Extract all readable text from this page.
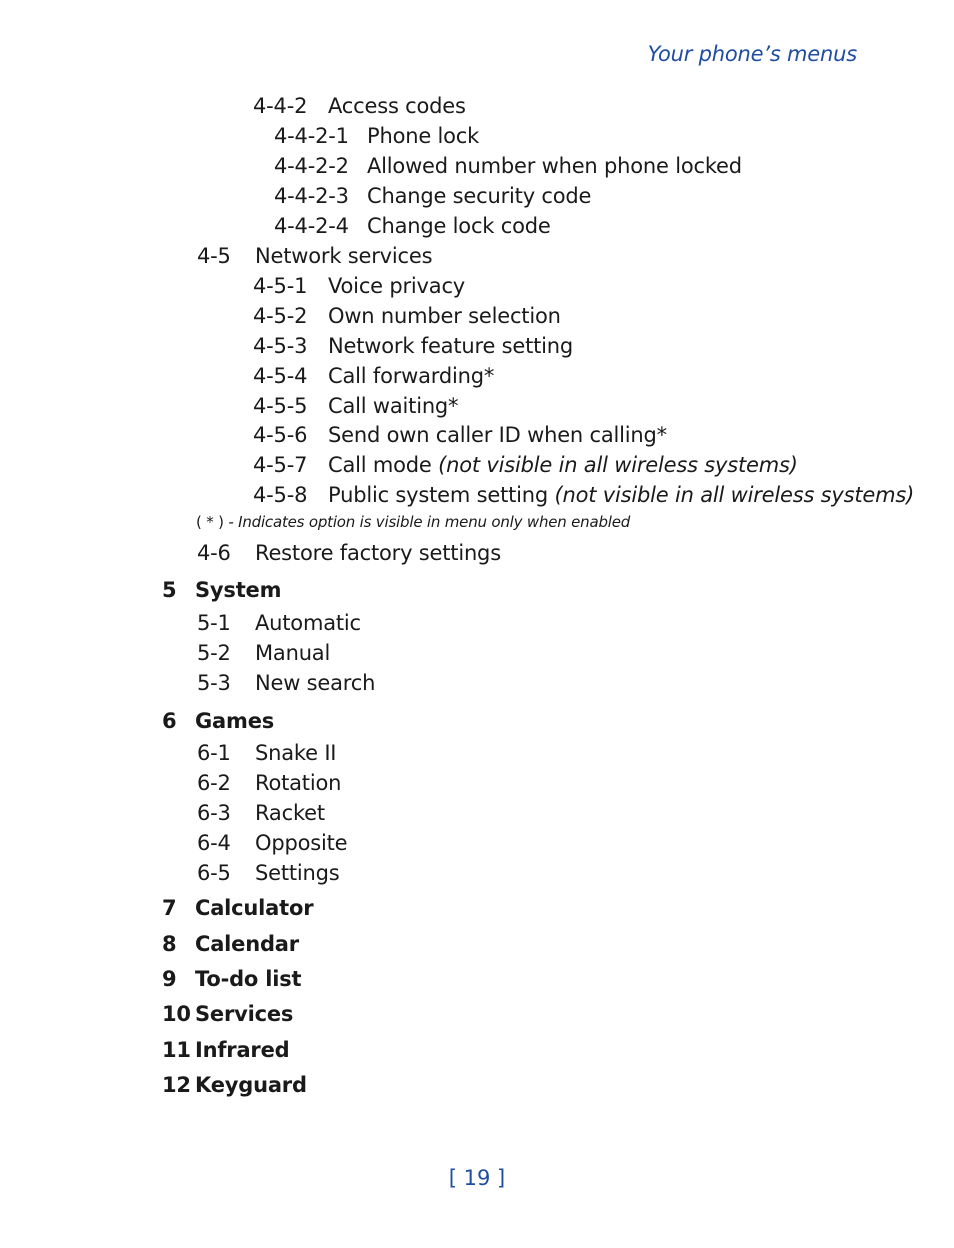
Your phone’s menus
4-4-2 Access codes
4-4-2-1 Phone lock
4-4-2-2 Allowed number when phone locked
4-4-2-3 Change security code
4-4-2-4 Change lock code
4-5 Network services
4-5-1 Voice privacy
4-5-2 Own number selection
4-5-3 Network feature setting
4-5-4 Call forwarding*
4-5-5 Call waiting*
4-5-6 Send own caller ID when calling*
4-5-7 Call mode (not visible in all wireless systems)
4-5-8 Public system setting (not visible in all wireless systems)
( * ) - Indicates option is visible in menu only when enabled
4-6 Restore factory settings
5 System
5-1 Automatic
5-2 Manual
5-3 New search
6 Games
6-1 Snake II
6-2 Rotation
6-3 Racket
6-4 Opposite
6-5 Settings
7 Calculator
8 Calendar
9 To-do list
10 Services
11 Infrared
12 Keyguard
[ 19 ]
